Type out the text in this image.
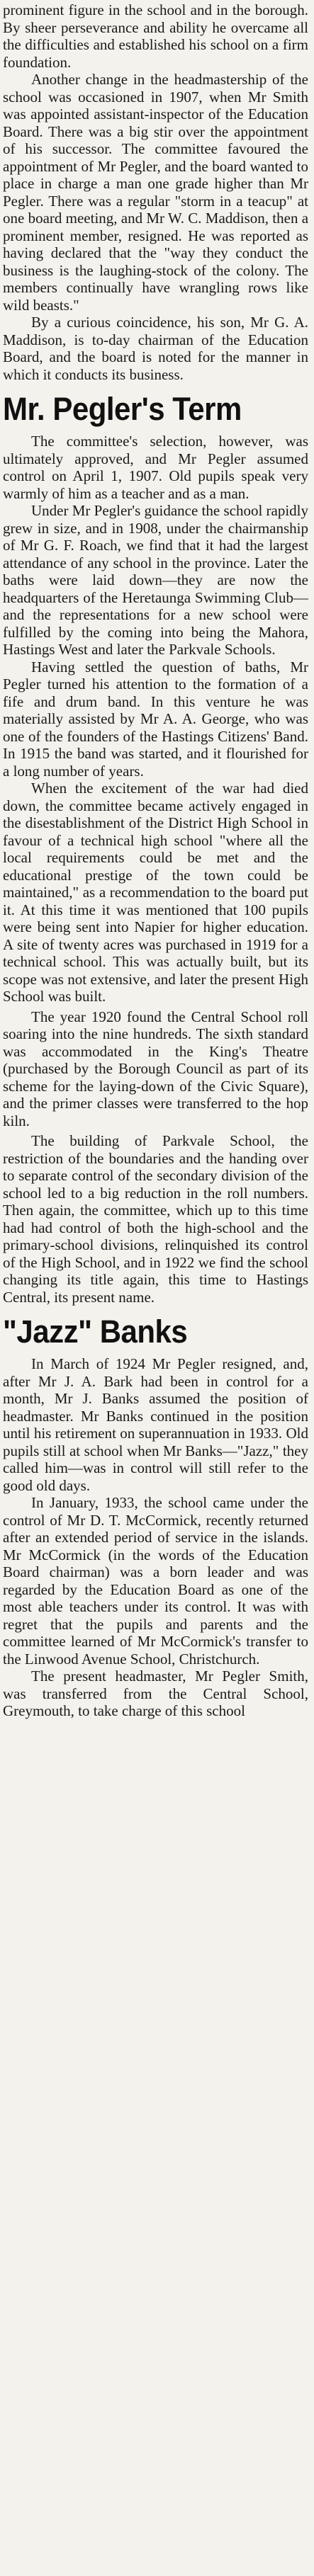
prominent figure in the school and in the borough. By sheer perseverance and ability he overcame all the difficulties and established his school on a firm foundation.

Another change in the headmastership of the school was occasioned in 1907, when Mr Smith was appointed assistant-inspector of the Education Board. There was a big stir over the appointment of his successor. The committee favoured the appointment of Mr Pegler, and the board wanted to place in charge a man one grade higher than Mr Pegler. There was a regular "storm in a teacup" at one board meeting, and Mr W. C. Maddison, then a prominent member, resigned. He was reported as having declared that the "way they conduct the business is the laughing-stock of the colony. The members continually have wrangling rows like wild beasts."

By a curious coincidence, his son, Mr G. A. Maddison, is to-day chairman of the Education Board, and the board is noted for the manner in which it conducts its business.

Mr. Pegler's Term

The committee's selection, however, was ultimately approved, and Mr Pegler assumed control on April 1, 1907. Old pupils speak very warmly of him as a teacher and as a man.

Under Mr Pegler's guidance the school rapidly grew in size, and in 1908, under the chairmanship of Mr G. F. Roach, we find that it had the largest attendance of any school in the province. Later the baths were laid down—they are now the headquarters of the Heretaunga Swimming Club—and the representations for a new school were fulfilled by the coming into being the Mahora, Hastings West and later the Parkvale Schools.

Having settled the question of baths, Mr Pegler turned his attention to the formation of a fife and drum band. In this venture he was materially assisted by Mr A. A. George, who was one of the founders of the Hastings Citizens' Band. In 1915 the band was started, and it flourished for a long number of years.

When the excitement of the war had died down, the committee became actively engaged in the disestablishment of the District High School in favour of a technical high school "where all the local requirements could be met and the educational prestige of the town could be maintained," as a recommendation to the board put it. At this time it was mentioned that 100 pupils were being sent into Napier for higher education. A site of twenty acres was purchased in 1919 for a technical school. This was actually built, but its scope was not extensive, and later the present High School was built.

The year 1920 found the Central School roll soaring into the nine hundreds. The sixth standard was accommodated in the King's Theatre (purchased by the Borough Council as part of its scheme for the laying-down of the Civic Square), and the primer classes were transferred to the hop kiln.

The building of Parkvale School, the restriction of the boundaries and the handing over to separate control of the secondary division of the school led to a big reduction in the roll numbers. Then again, the committee, which up to this time had had control of both the high-school and the primary-school divisions, relinquished its control of the High School, and in 1922 we find the school changing its title again, this time to Hastings Central, its present name.

"Jazz" Banks

In March of 1924 Mr Pegler resigned, and, after Mr J. A. Bark had been in control for a month, Mr J. Banks assumed the position of headmaster. Mr Banks continued in the position until his retirement on superannuation in 1933. Old pupils still at school when Mr Banks—"Jazz," they called him—was in control will still refer to the good old days.

In January, 1933, the school came under the control of Mr D. T. McCormick, recently returned after an extended period of service in the islands. Mr McCormick (in the words of the Education Board chairman) was a born leader and was regarded by the Education Board as one of the most able teachers under its control. It was with regret that the pupils and parents and the committee learned of Mr McCormick's transfer to the Linwood Avenue School, Christchurch.

The present headmaster, Mr Pegler Smith, was transferred from the Central School, Greymouth, to take charge of this school
